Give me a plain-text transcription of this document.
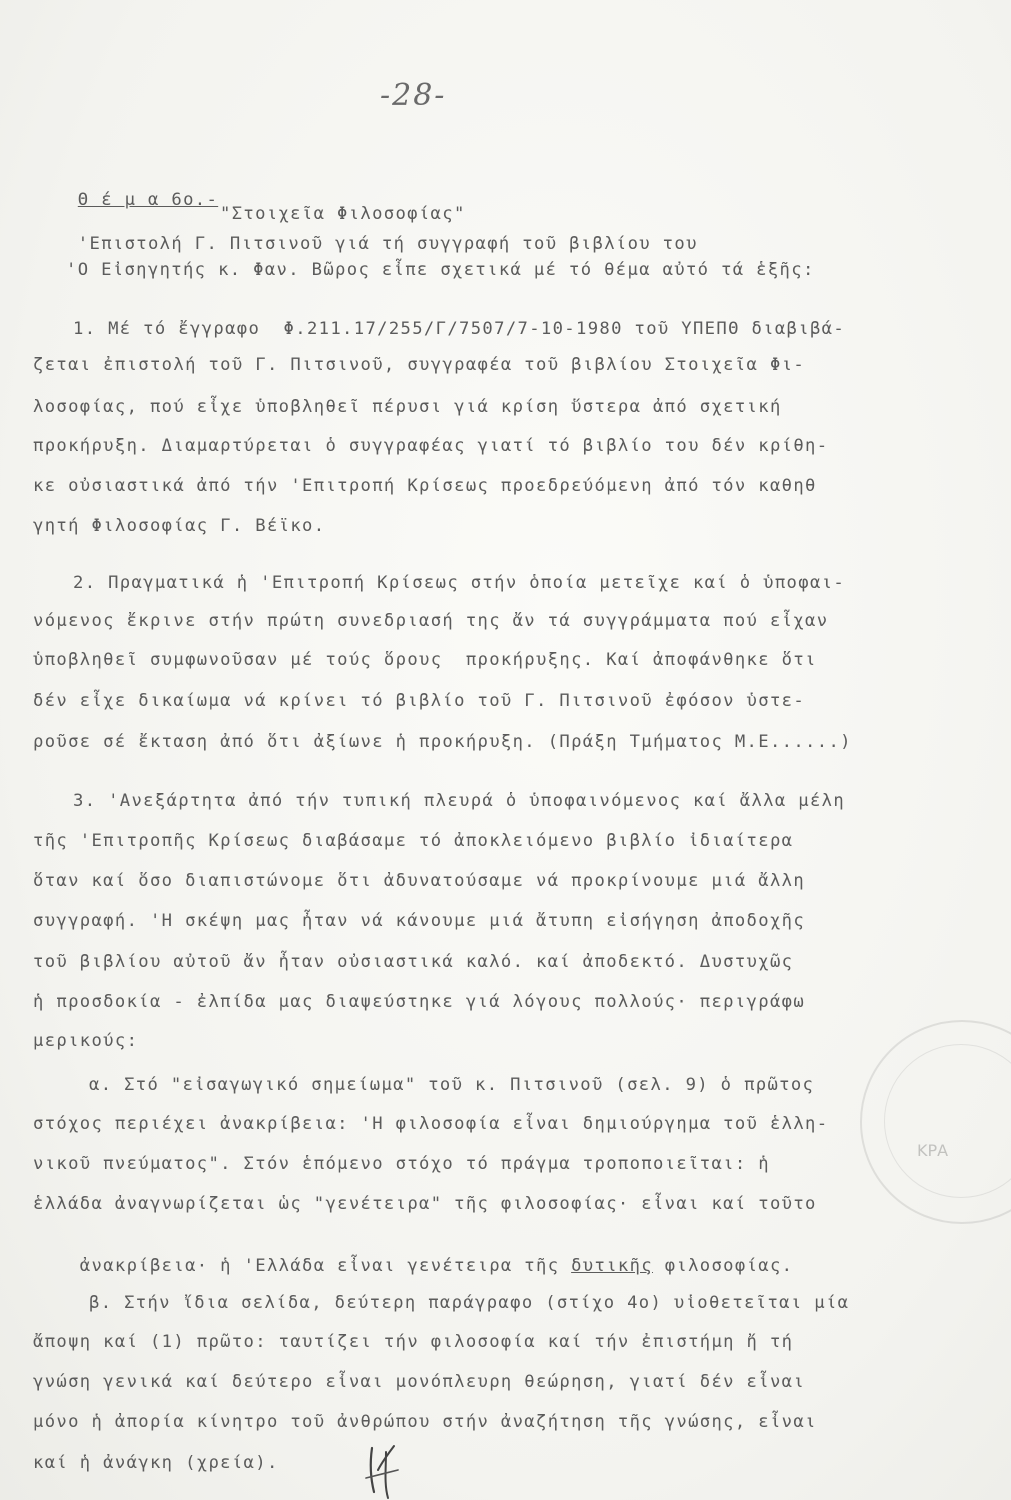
-28-

Θ έ μ α 6ο.-

'Επιστολή Γ. Πιτσινοῦ γιά τή συγγραφή τοῦ βιβλίου του

"Στοιχεῖα Φιλοσοφίας"
'Ο Εἰσηγητής κ. Φαν. Βῶρος εἶπε σχετικά μέ τό θέμα αὐτό τά ἑξῆς:
1. Μέ τό ἔγγραφο  Φ.211.17/255/Γ/7507/7-10-1980 τοῦ ΥΠΕΠΘ διαβιβά-
ζεται ἐπιστολή τοῦ Γ. Πιτσινοῦ, συγγραφέα τοῦ βιβλίου Στοιχεῖα Φι-
λοσοφίας, πού εἶχε ὑποβληθεῖ πέρυσι γιά κρίση ὕστερα ἀπό σχετική
προκήρυξη. Διαμαρτύρεται ὁ συγγραφέας γιατί τό βιβλίο του δέν κρίθη-
κε οὐσιαστικά ἀπό τήν 'Επιτροπή Κρίσεως προεδρεύόμενη ἀπό τόν καθηθ
γητή Φιλοσοφίας Γ. Βέϊκο.
2. Πραγματικά ἡ 'Επιτροπή Κρίσεως στήν ὁποία μετεῖχε καί ὁ ὑποφαι-
νόμενος ἔκρινε στήν πρώτη συνεδριασή της ἄν τά συγγράμματα πού εἶχαν
ὑποβληθεῖ συμφωνοῦσαν μέ τούς ὅρους  προκήρυξης. Καί ἀποφάνθηκε ὅτι
δέν εἶχε δικαίωμα νά κρίνει τό βιβλίο τοῦ Γ. Πιτσινοῦ ἐφόσον ὑστε-
ροῦσε σέ ἔκταση ἀπό ὅτι ἀξίωνε ἡ προκήρυξη. (Πράξη Τμήματος Μ.Ε......)
3. 'Ανεξάρτητα ἀπό τήν τυπική πλευρά ὁ ὑποφαινόμενος καί ἄλλα μέλη
τῆς 'Επιτροπῆς Κρίσεως διαβάσαμε τό ἀποκλειόμενο βιβλίο ἰδιαίτερα
ὅταν καί ὅσο διαπιστώνομε ὅτι ἀδυνατούσαμε νά προκρίνουμε μιά ἄλλη
συγγραφή. 'Η σκέψη μας ἦταν νά κάνουμε μιά ἄτυπη εἰσήγηση ἀποδοχῆς
τοῦ βιβλίου αὐτοῦ ἄν ἦταν οὐσιαστικά καλό. καί ἀποδεκτό. Δυστυχῶς
ἡ προσδοκία - ἐλπίδα μας διαψεύστηκε γιά λόγους πολλούς· περιγράφω
μερικούς:
α. Στό "εἰσαγωγικό σημείωμα" τοῦ κ. Πιτσινοῦ (σελ. 9) ὁ πρῶτος
στόχος περιέχει ἀνακρίβεια: 'Η φιλοσοφία εἶναι δημιούργημα τοῦ ἑλλη-
νικοῦ πνεύματος". Στόν ἑπόμενο στόχο τό πράγμα τροποποιεῖται: ἡ
ἑλλάδα ἀναγνωρίζεται ὡς "γενέτειρα" τῆς φιλοσοφίας· εἶναι καί τοῦτο

ἀνακρίβεια· ἡ 'Ελλάδα εἶναι γενέτειρα τῆς δυτικῆς φιλοσοφίας.

β. Στήν ἴδια σελίδα, δεύτερη παράγραφο (στίχο 4ο) υἱοθετεῖται μία
ἄποψη καί (1) πρῶτο: ταυτίζει τήν φιλοσοφία καί τήν ἐπιστήμη ἤ τή
γνώση γενικά καί δεύτερο εἶναι μονόπλευρη θεώρηση, γιατί δέν εἶναι
μόνο ἡ ἀπορία κίνητρο τοῦ ἀνθρώπου στήν ἀναζήτηση τῆς γνώσης, εἶναι
καί ἡ ἀνάγκη (χρεία).
ΚΡΑ
